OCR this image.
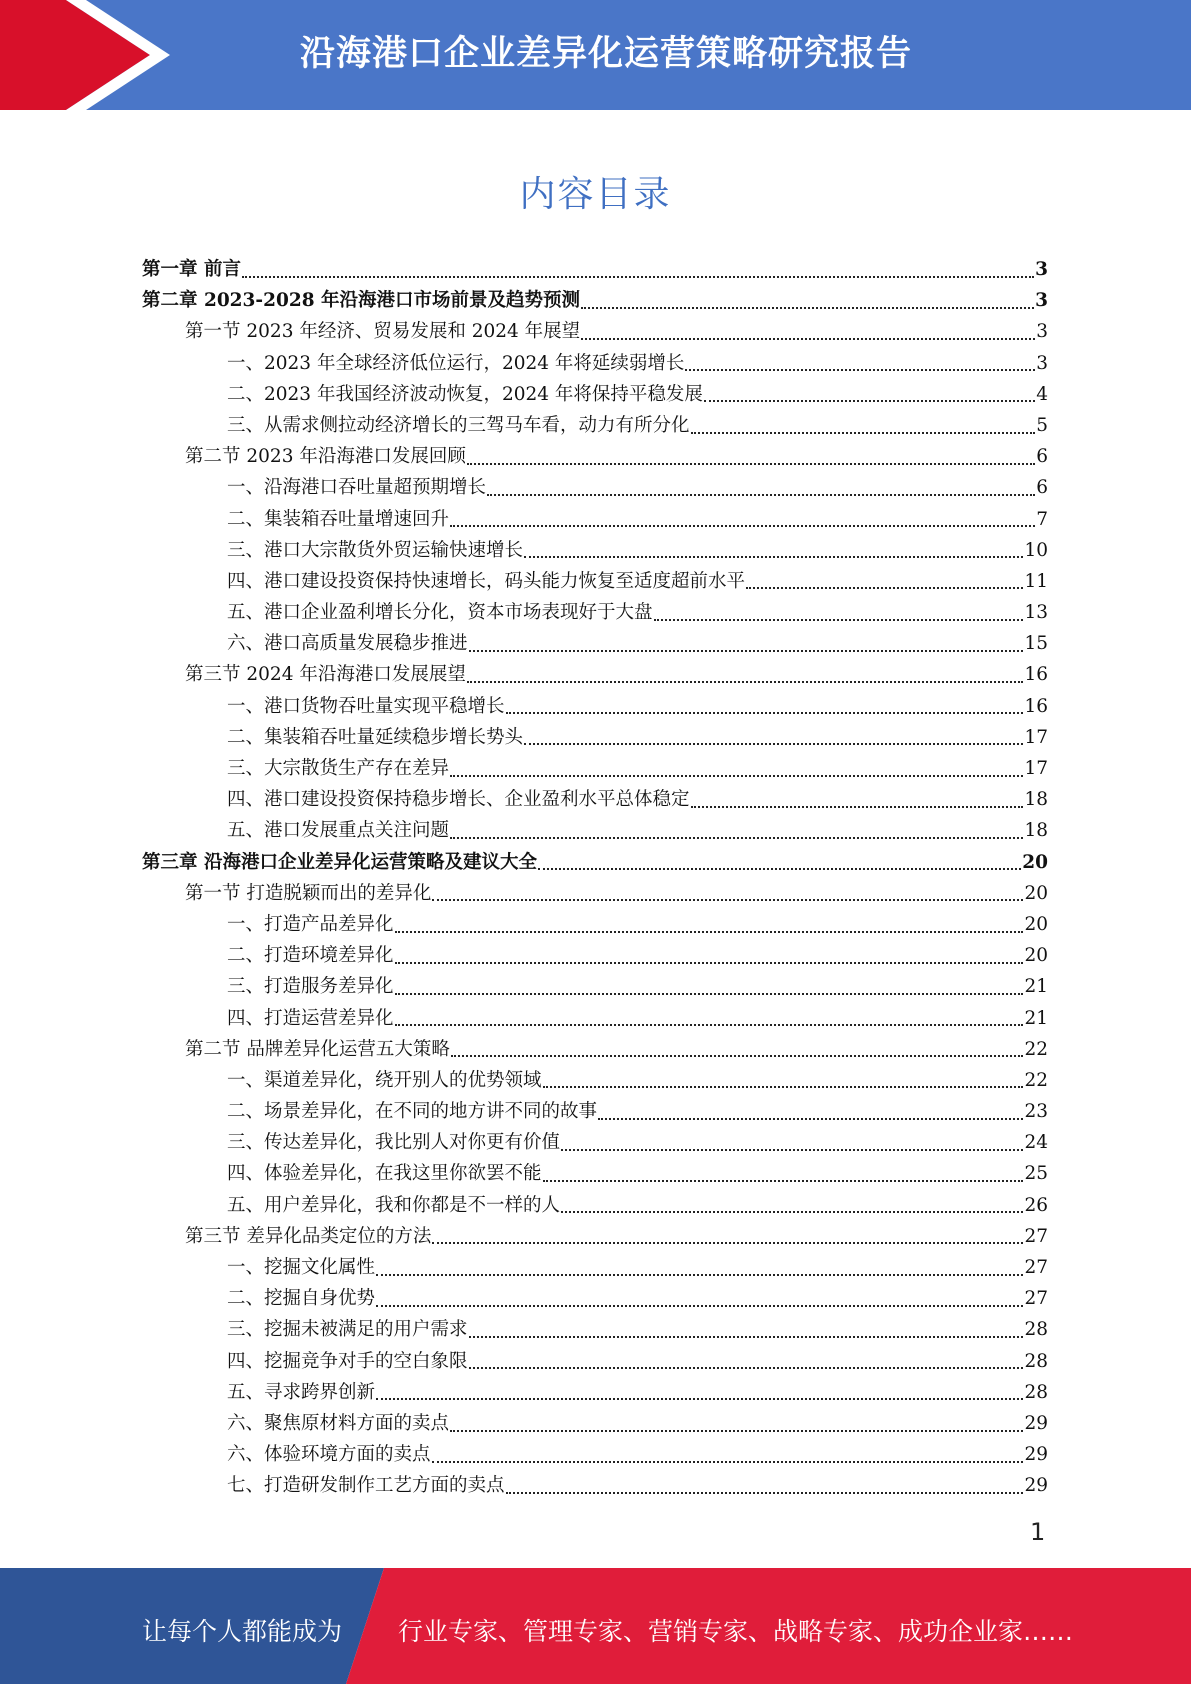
沿海港口企业差异化运营策略研究报告
内容目录
第一章 前言	3
第二章 2023-2028 年沿海港口市场前景及趋势预测	3
第一节 2023 年经济、贸易发展和 2024 年展望	3
一、2023 年全球经济低位运行，2024 年将延续弱增长	3
二、2023 年我国经济波动恢复，2024 年将保持平稳发展	4
三、从需求侧拉动经济增长的三驾马车看，动力有所分化	5
第二节 2023 年沿海港口发展回顾	6
一、沿海港口吞吐量超预期增长	6
二、集装箱吞吐量增速回升	7
三、港口大宗散货外贸运输快速增长	10
四、港口建设投资保持快速增长，码头能力恢复至适度超前水平	11
五、港口企业盈利增长分化，资本市场表现好于大盘	13
六、港口高质量发展稳步推进	15
第三节 2024 年沿海港口发展展望	16
一、港口货物吞吐量实现平稳增长	16
二、集装箱吞吐量延续稳步增长势头	17
三、大宗散货生产存在差异	17
四、港口建设投资保持稳步增长、企业盈利水平总体稳定	18
五、港口发展重点关注问题	18
第三章 沿海港口企业差异化运营策略及建议大全	20
第一节 打造脱颖而出的差异化	20
一、打造产品差异化	20
二、打造环境差异化	20
三、打造服务差异化	21
四、打造运营差异化	21
第二节 品牌差异化运营五大策略	22
一、渠道差异化，绕开别人的优势领域	22
二、场景差异化，在不同的地方讲不同的故事	23
三、传达差异化，我比别人对你更有价值	24
四、体验差异化，在我这里你欲罢不能	25
五、用户差异化，我和你都是不一样的人	26
第三节 差异化品类定位的方法	27
一、挖掘文化属性	27
二、挖掘自身优势	27
三、挖掘未被满足的用户需求	28
四、挖掘竞争对手的空白象限	28
五、寻求跨界创新	28
六、聚焦原材料方面的卖点	29
六、体验环境方面的卖点	29
七、打造研发制作工艺方面的卖点	29
1
让每个人都能成为 行业专家、管理专家、营销专家、战略专家、成功企业家……
